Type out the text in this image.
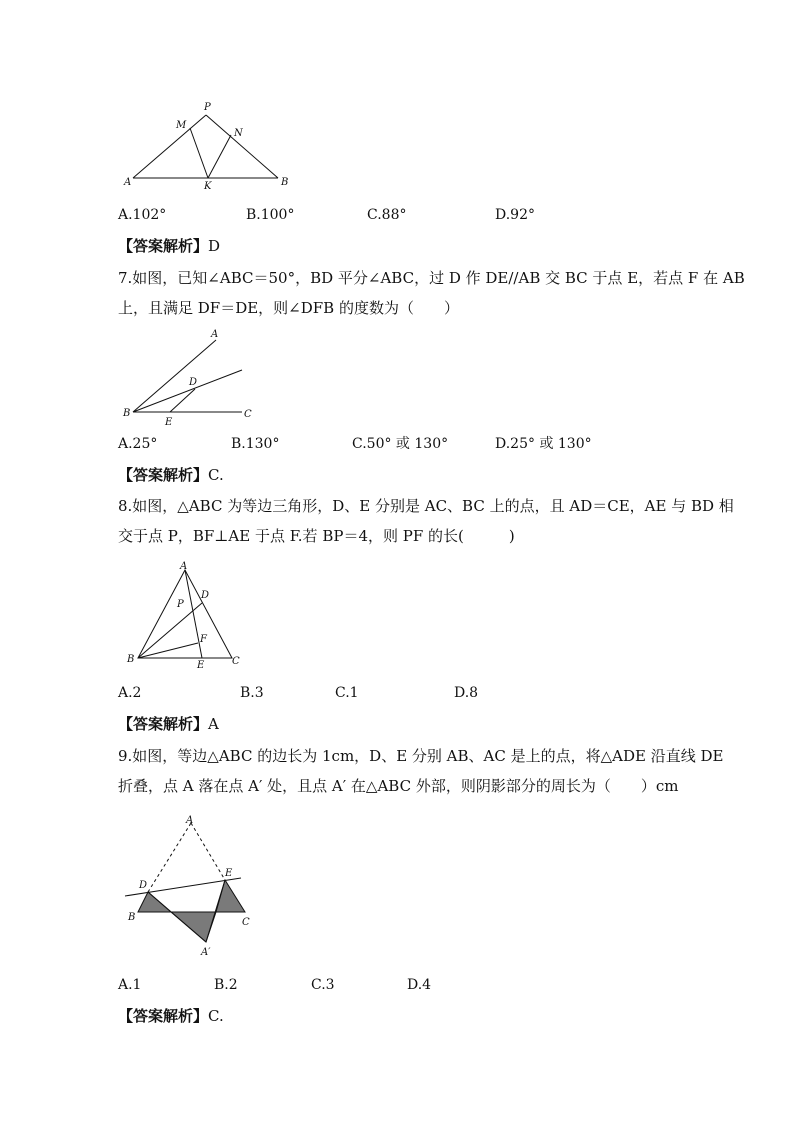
P
M
N
A	K	B
A.102°	B.100°	C.88°	D.92°
【答案解析】D
7.如图，已知∠ABC＝50°，BD 平分∠ABC，过 D 作 DE//AB 交 BC 于点 E，若点 F 在 AB
上，且满足 DF＝DE，则∠DFB 的度数为（　　）
A
D
B
E
C
A.25°	B.130°	C.50° 或 130°	D.25° 或 130°
【答案解析】C.
8.如图，△ABC 为等边三角形，D、E 分别是 AC、BC 上的点，且 AD＝CE，AE 与 BD 相
交于点 P，BF⊥AE 于点 F.若 BP＝4，则 PF 的长(　　　)
A
P
D
F
B
E	C
A.2	B.3	C.1	D.8
【答案解析】A
9.如图，等边△ABC 的边长为 1cm，D、E 分别 AB、AC 是上的点，将△ADE 沿直线 DE
折叠，点 A 落在点 A′ 处，且点 A′ 在△ABC 外部，则阴影部分的周长为（　　）cm
A
D
E
B	C
A′
A.1	B.2	C.3	D.4
【答案解析】C.
